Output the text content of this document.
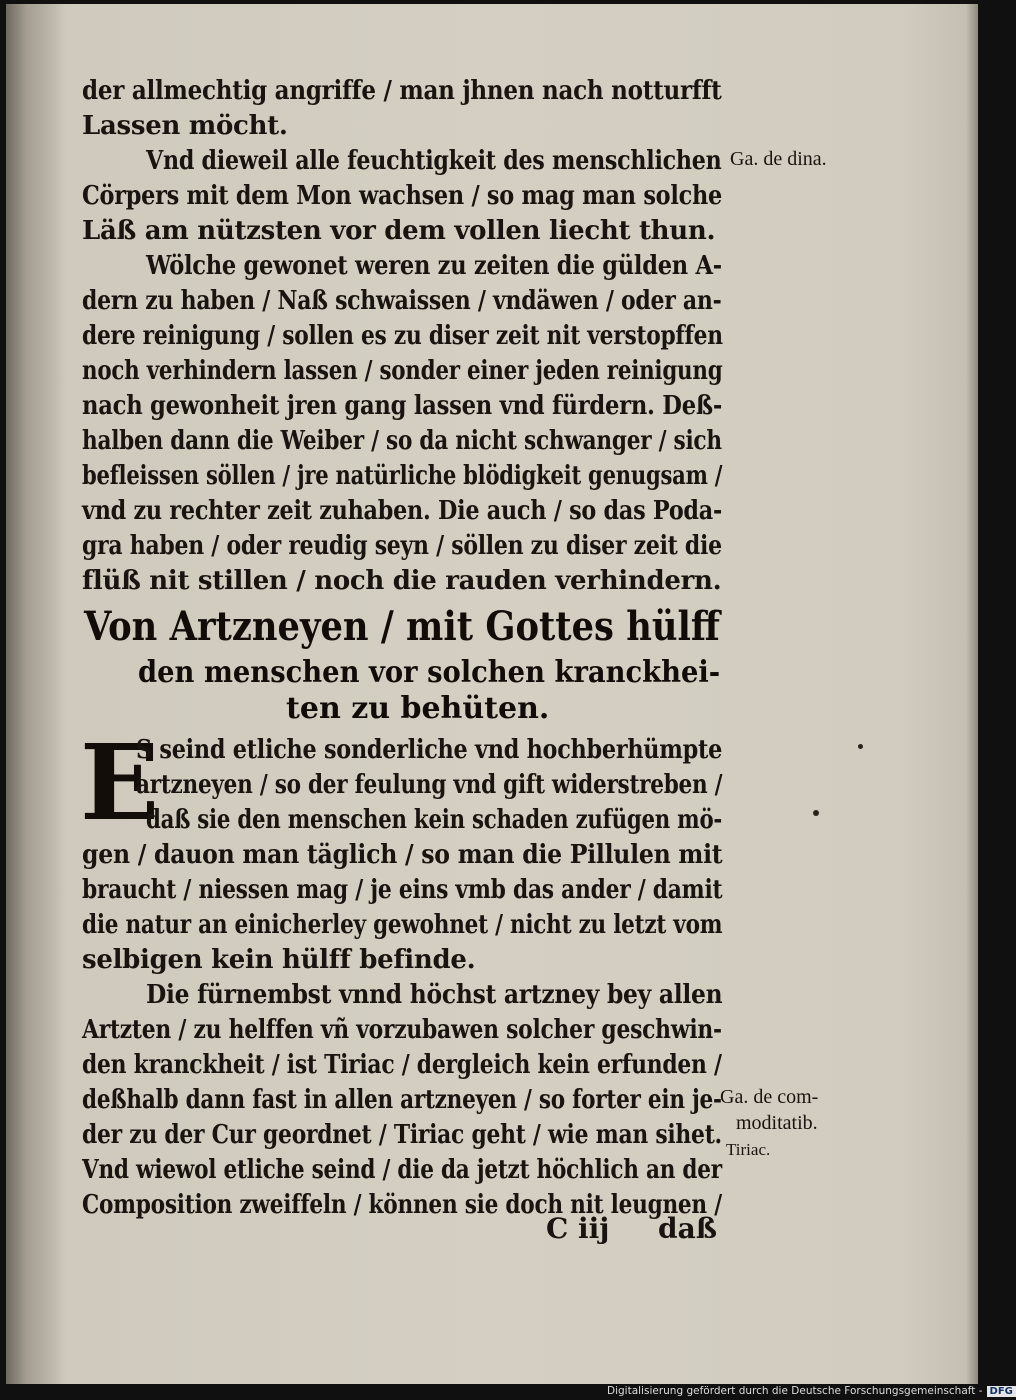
der allmechtig angriffe / man jhnen nach notturfft
Lassen möcht.
Vnd dieweil alle feuchtigkeit des menschlichen
Cörpers mit dem Mon wachsen / so mag man solche
Läß am nützsten vor dem vollen liecht thun.
Wölche gewonet weren zu zeiten die gülden A-
dern zu haben / Naß schwaissen / vndäwen / oder an-
dere reinigung / sollen es zu diser zeit nit verstopffen
noch verhindern lassen / sonder einer jeden reinigung
nach gewonheit jren gang lassen vnd fürdern. Deß-
halben dann die Weiber / so da nicht schwanger / sich
befleissen söllen / jre natürliche blödigkeit genugsam /
vnd zu rechter zeit zuhaben. Die auch / so das Poda-
gra haben / oder reudig seyn / söllen zu diser zeit die
flüß nit stillen / noch die rauden verhindern.
Von Artzneyen / mit Gottes hülff
den menschen vor solchen kranckhei-
ten zu behüten.
E
S seind etliche sonderliche vnd hochberhümpte
artzneyen / so der feulung vnd gift widerstreben /
daß sie den menschen kein schaden zufügen mö-
gen / dauon man täglich / so man die Pillulen mit
braucht / niessen mag / je eins vmb das ander / damit
die natur an einicherley gewohnet / nicht zu letzt vom
selbigen kein hülff befinde.
Die fürnembst vnnd höchst artzney bey allen
Artzten / zu helffen vñ vorzubawen solcher geschwin-
den kranckheit / ist Tiriac / dergleich kein erfunden /
deßhalb dann fast in allen artzneyen / so forter ein je-
der zu der Cur geordnet / Tiriac geht / wie man sihet.
Vnd wiewol etliche seind / die da jetzt höchlich an der
Composition zweiffeln / können sie doch nit leugnen /
Ga. de dina.
Ga. de com-
moditatib.
Tiriac.
C iij daß
Digitalisierung gefördert durch die Deutsche Forschungsgemeinschaft - DFG
